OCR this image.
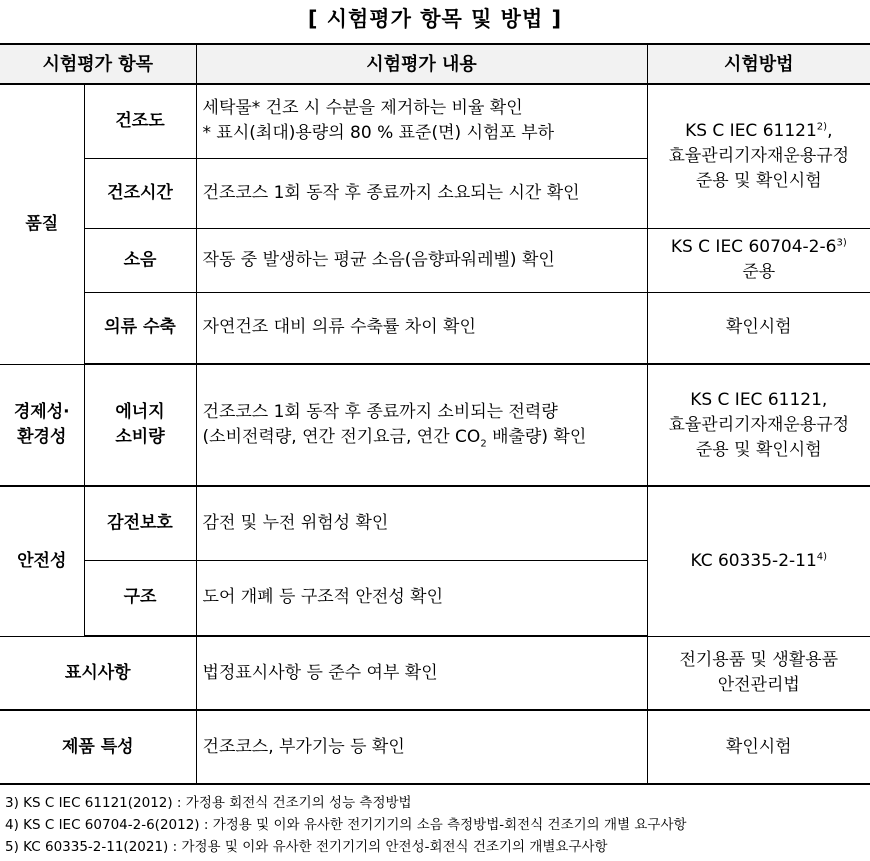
[ 시험평가 항목 및 방법 ]
시험평가 항목		시험평가 내용	시험방법
품질	건조도	세탁물* 건조 시 수분을 제거하는 비율 확인
* 표시(최대)용량의 80 % 표준(면) 시험포 부하	KS C IEC 61121$^{2)}$,
효율관리기자재운용규정
준용 및 확인시험

	건조시간	건조코스 1회 동작 후 종료까지 소요되는 시간 확인	
	소음	작동 중 발생하는 평균 소음(음향파워레벨) 확인	KS C IEC 60704-2-6$^{3)}$
준용

	의류 수축	자연건조 대비 의류 수축률 차이 확인	확인시험

경제성·
환경성	에너지
소비량	건조코스 1회 동작 후 종료까지 소비되는 전력량
(소비전력량, 연간 전기요금, 연간 $CO_2$ 배출량) 확인	KS C IEC 61121,
효율관리기자재운용규정
준용 및 확인시험

안전성	감전보호	감전 및 누전 위험성 확인	KC 60335-2-11$^{4)}$
	구조	도어 개폐 등 구조적 안전성 확인	
표시사항		법정표시사항 등 준수 여부 확인	전기용품 및 생활용품
안전관리법

제품 특성		건조코스, 부가기능 등 확인	확인시험
3) KS C IEC 61121(2012) : 가정용 회전식 건조기의 성능 측정방법
4) KS C IEC 60704-2-6(2012) : 가정용 및 이와 유사한 전기기기의 소음 측정방법-회전식 건조기의 개별 요구사항
5) KC 60335-2-11(2021) : 가정용 및 이와 유사한 전기기기의 안전성-회전식 건조기의 개별요구사항
